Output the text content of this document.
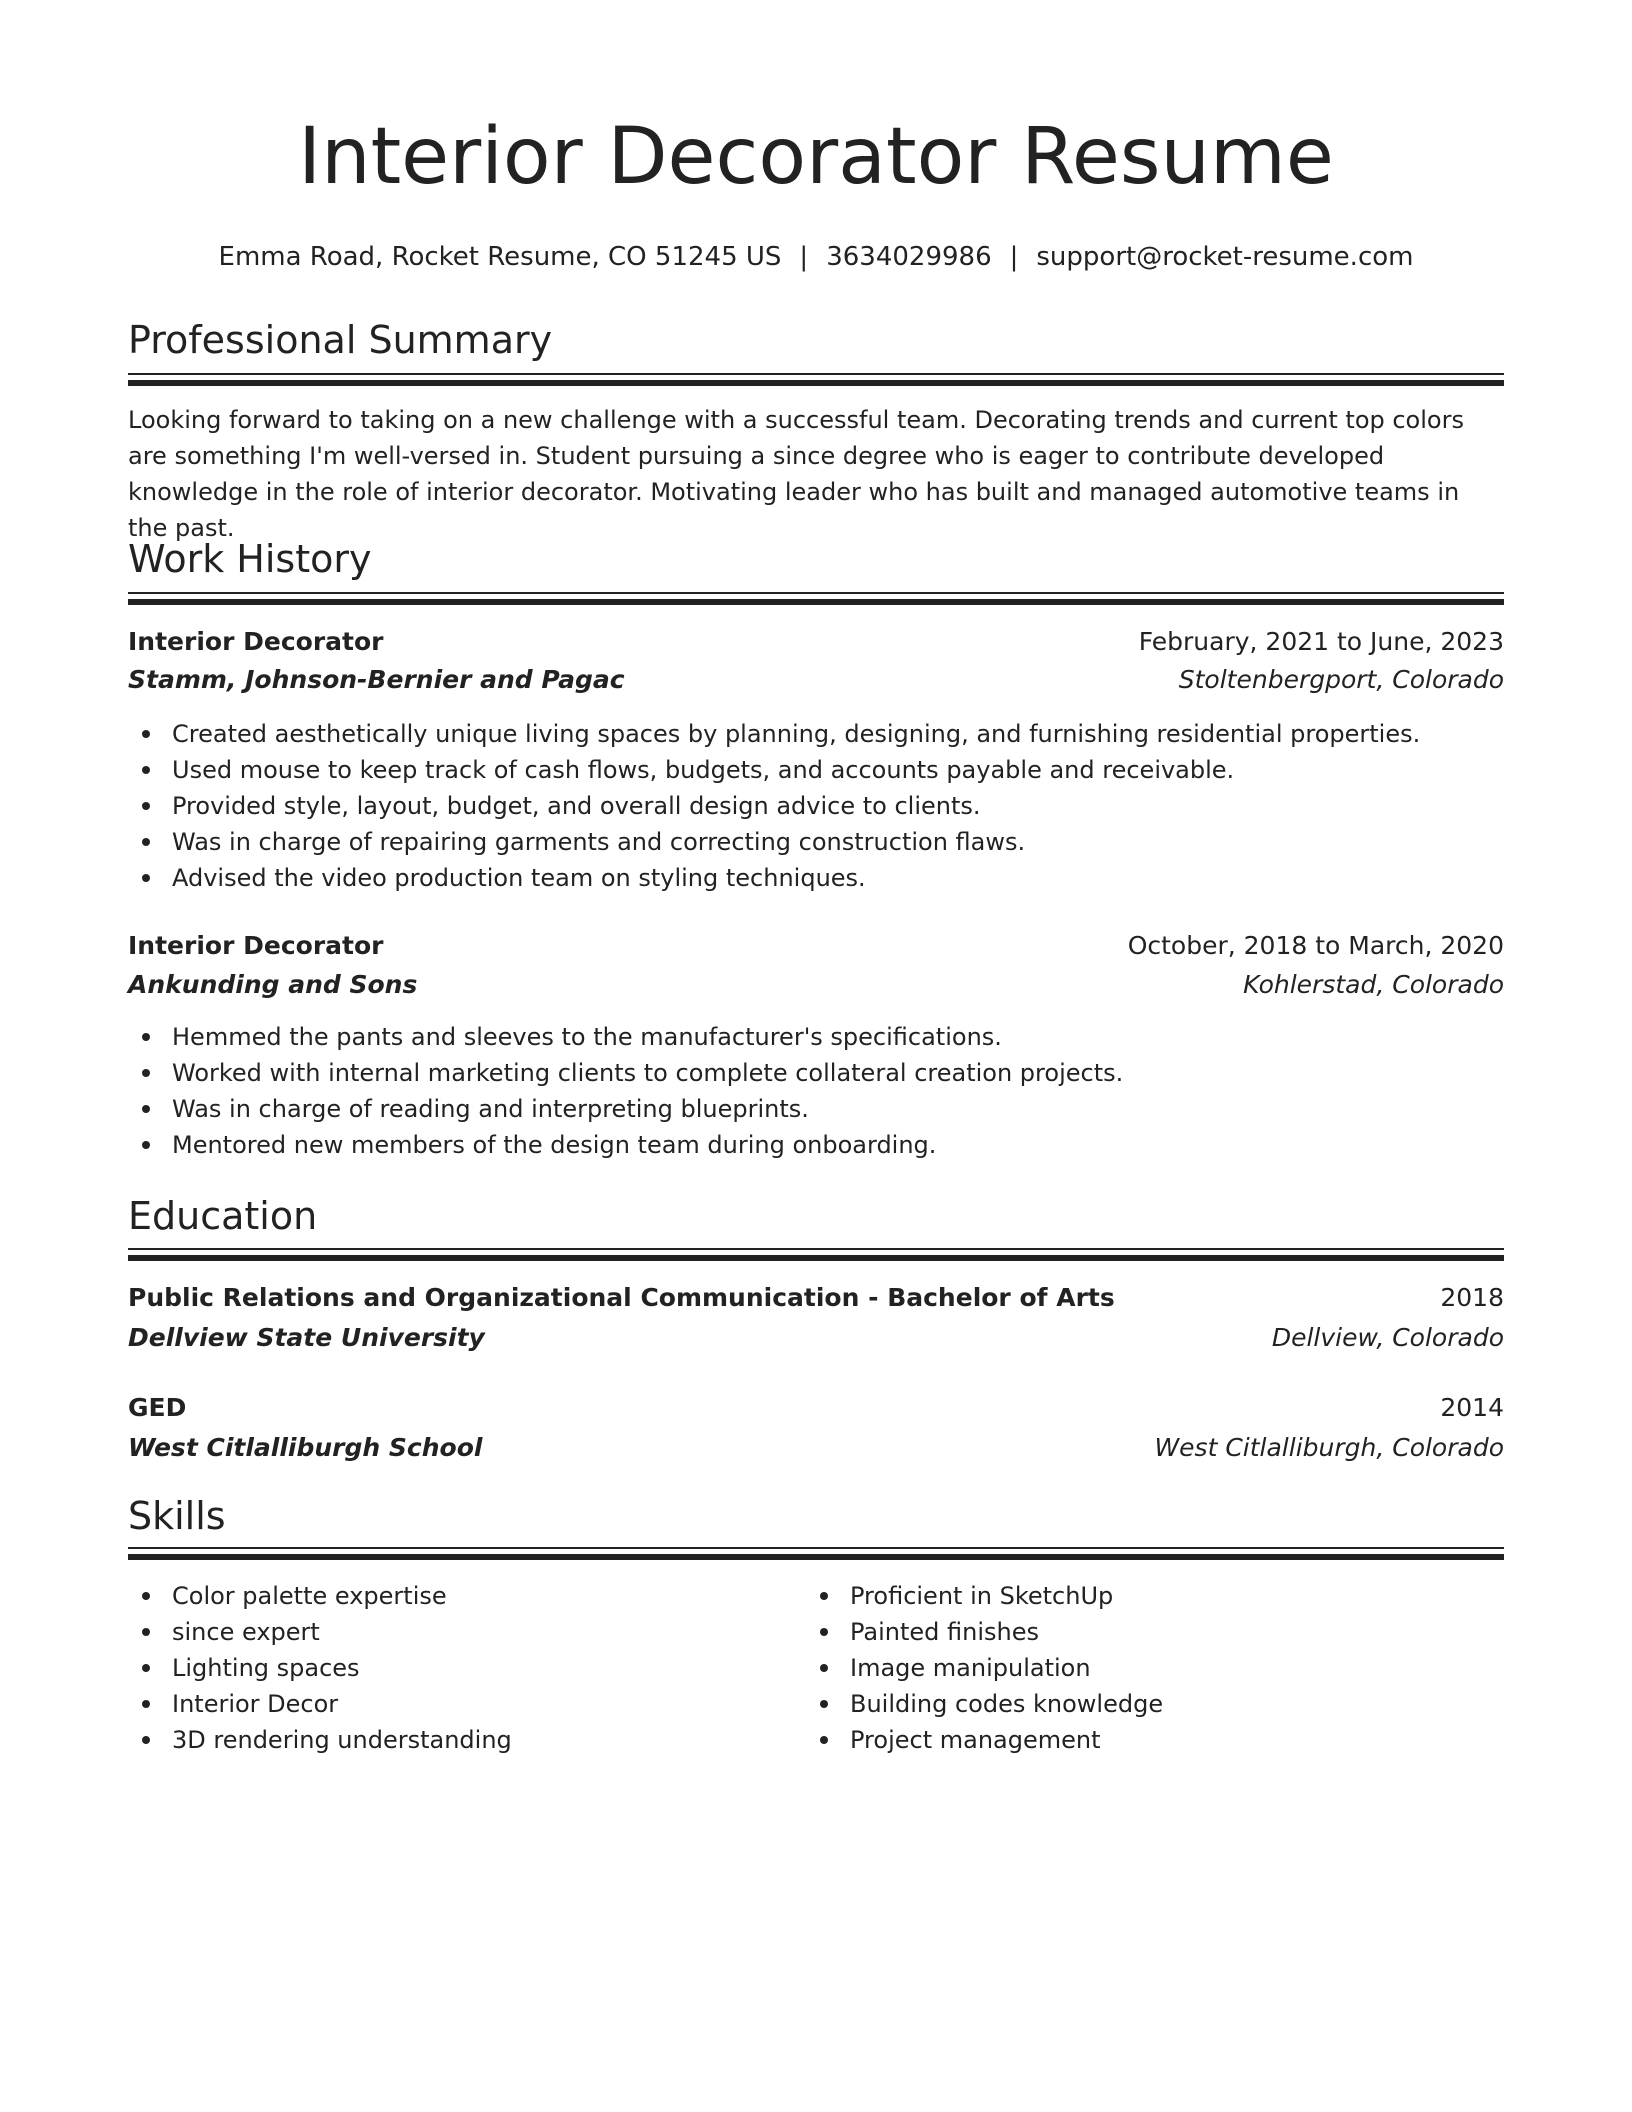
Interior Decorator Resume
Emma Road, Rocket Resume, CO 51245 US | 3634029986 | support@rocket-resume.com
Professional Summary

Looking forward to taking on a new challenge with a successful team. Decorating trends and current top colors are something I'm well-versed in. Student pursuing a since degree who is eager to contribute developed knowledge in the role of interior decorator. Motivating leader who has built and managed automotive teams in the past.

Work History
Interior Decorator	February, 2021 to June, 2023
Stamm, Johnson-Bernier and Pagac	Stoltenbergport, Colorado
Created aesthetically unique living spaces by planning, designing, and furnishing residential properties.
Used mouse to keep track of cash flows, budgets, and accounts payable and receivable.
Provided style, layout, budget, and overall design advice to clients.
Was in charge of repairing garments and correcting construction flaws.
Advised the video production team on styling techniques.
Interior Decorator	October, 2018 to March, 2020
Ankunding and Sons	Kohlerstad, Colorado
Hemmed the pants and sleeves to the manufacturer's specifications.
Worked with internal marketing clients to complete collateral creation projects.
Was in charge of reading and interpreting blueprints.
Mentored new members of the design team during onboarding.
Education
Public Relations and Organizational Communication - Bachelor of Arts	2018
Dellview State University	Dellview, Colorado
GED	2014
West Citlalliburgh School	West Citlalliburgh, Colorado
Skills
Color palette expertise
since expert
Lighting spaces
Interior Decor
3D rendering understanding
Proficient in SketchUp
Painted finishes
Image manipulation
Building codes knowledge
Project management
